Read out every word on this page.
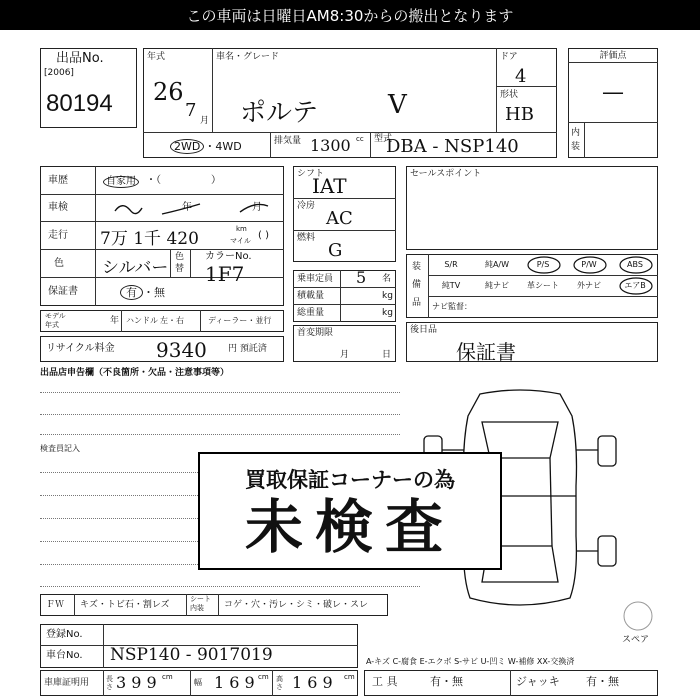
この車両は日曜日AM8:30からの搬出となります
出品No.
[2006]
80194
年式
26
7 月
車名・グレード
ポルテ	V
ドア
4
形状
HB
2WD ・4WD	排気量 1300 cc 型式
DBA - NSP140
評価点
—
内
装
車歴	自家用	・（　　　　　）
車検	年	月
走行 7万 1千 420	km
マイル ( )
色 シルバー
色
替
カラーNo.
1F7
保証書	有 ・無
モデル
年式	年 ハンドル 左・右	ディーラー・並行
リサイクル料金 9340 円 預託済
シフト
IAT
冷房
AC
燃料
G
乗車定員 5 名
積載量	kg
総重量	kg
首変期限
月	日
セールスポイント
装
備
品
S/R	純A/W	P/S	P/W	ABS
純TV	純ナビ	革シート	外ナビ	エアB
ナビ監督：
後日品
保証書
出品店申告欄（不良箇所・欠品・注意事項等）
検査員記入
スペア
買取保証コーナーの為
未検査
ＦＷ キズ・トビ石・割レズ
シート
内装 コゲ・穴・汚レ・シミ・破レ・スレ
登録No.
車台No. NSP140 - 9017019
車庫証明用 長さ 3 9 9 cm
幅 1 6 9 cm 高さ 1 6 9 cm
A-キズ C-腐食 E-エクボ S-サビ U-凹ミ W-補修 XX-交換済
工 具	有・無	ジャッキ 有・無
